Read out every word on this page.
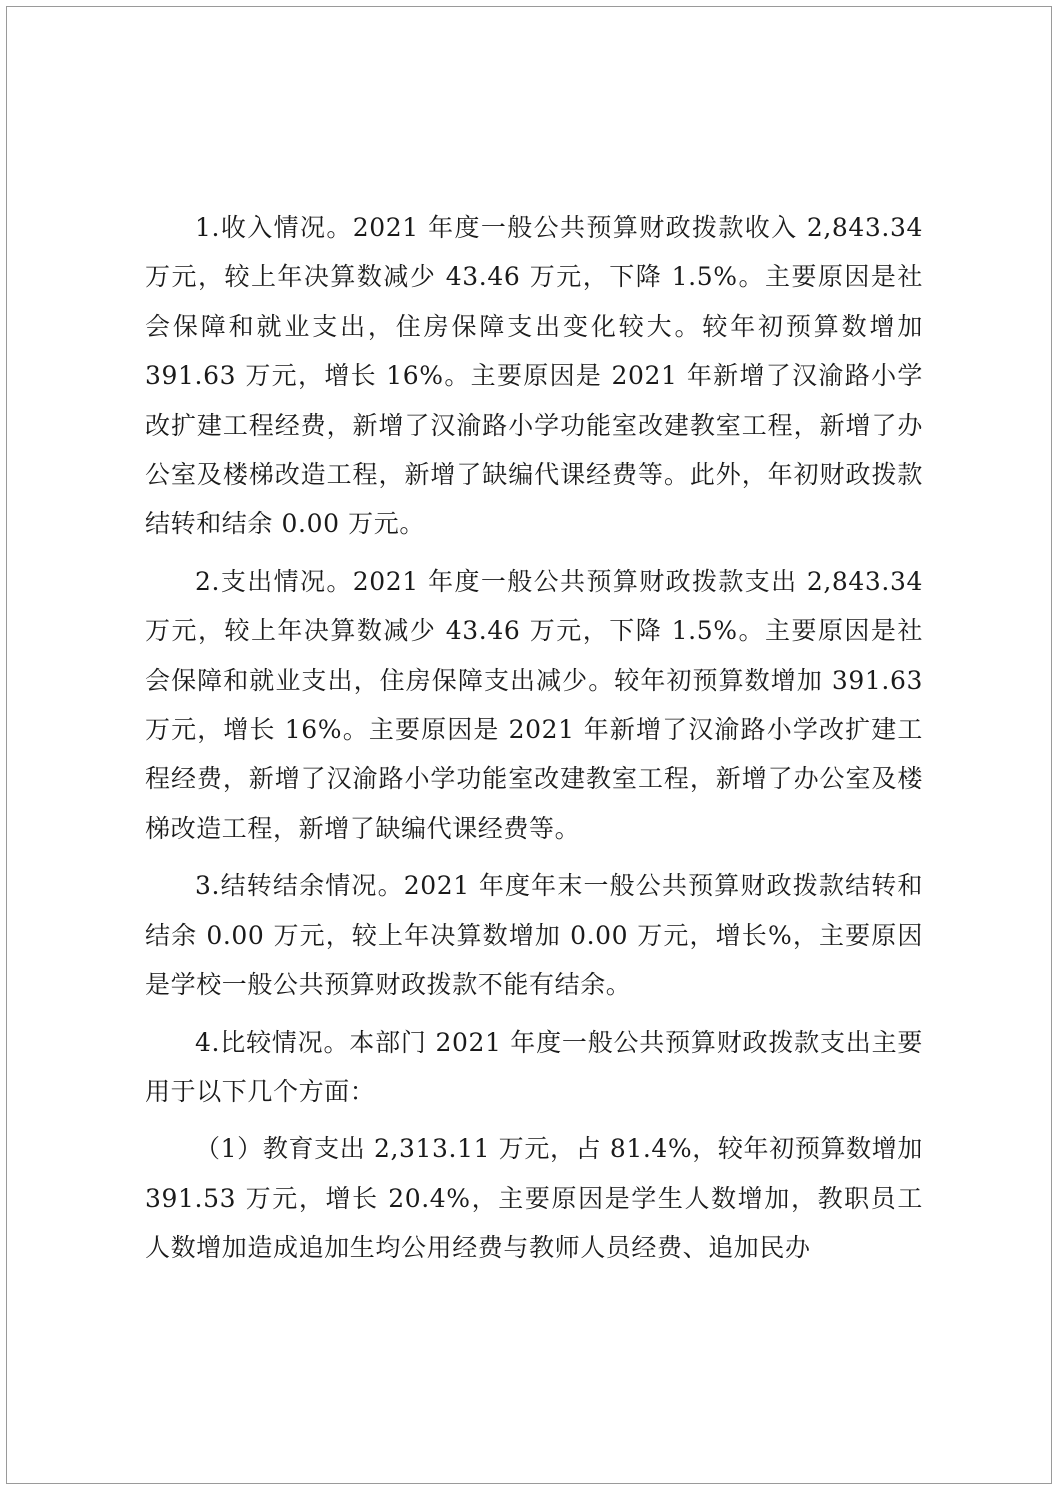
1.收入情况。2021 年度一般公共预算财政拨款收入 2,843.34 万元，较上年决算数减少 43.46 万元，下降 1.5%。主要原因是社会保障和就业支出，住房保障支出变化较大。较年初预算数增加 391.63 万元，增长 16%。主要原因是 2021 年新增了汉渝路小学改扩建工程经费，新增了汉渝路小学功能室改建教室工程，新增了办公室及楼梯改造工程，新增了缺编代课经费等。此外，年初财政拨款结转和结余 0.00 万元。

2.支出情况。2021 年度一般公共预算财政拨款支出 2,843.34 万元，较上年决算数减少 43.46 万元，下降 1.5%。主要原因是社会保障和就业支出，住房保障支出减少。较年初预算数增加 391.63 万元，增长 16%。主要原因是 2021 年新增了汉渝路小学改扩建工程经费，新增了汉渝路小学功能室改建教室工程，新增了办公室及楼梯改造工程，新增了缺编代课经费等。

3.结转结余情况。2021 年度年末一般公共预算财政拨款结转和结余 0.00 万元，较上年决算数增加 0.00 万元，增长%，主要原因是学校一般公共预算财政拨款不能有结余。

4.比较情况。本部门 2021 年度一般公共预算财政拨款支出主要用于以下几个方面：

（1）教育支出 2,313.11 万元，占 81.4%，较年初预算数增加 391.53 万元，增长 20.4%，主要原因是学生人数增加，教职员工人数增加造成追加生均公用经费与教师人员经费、追加民办
